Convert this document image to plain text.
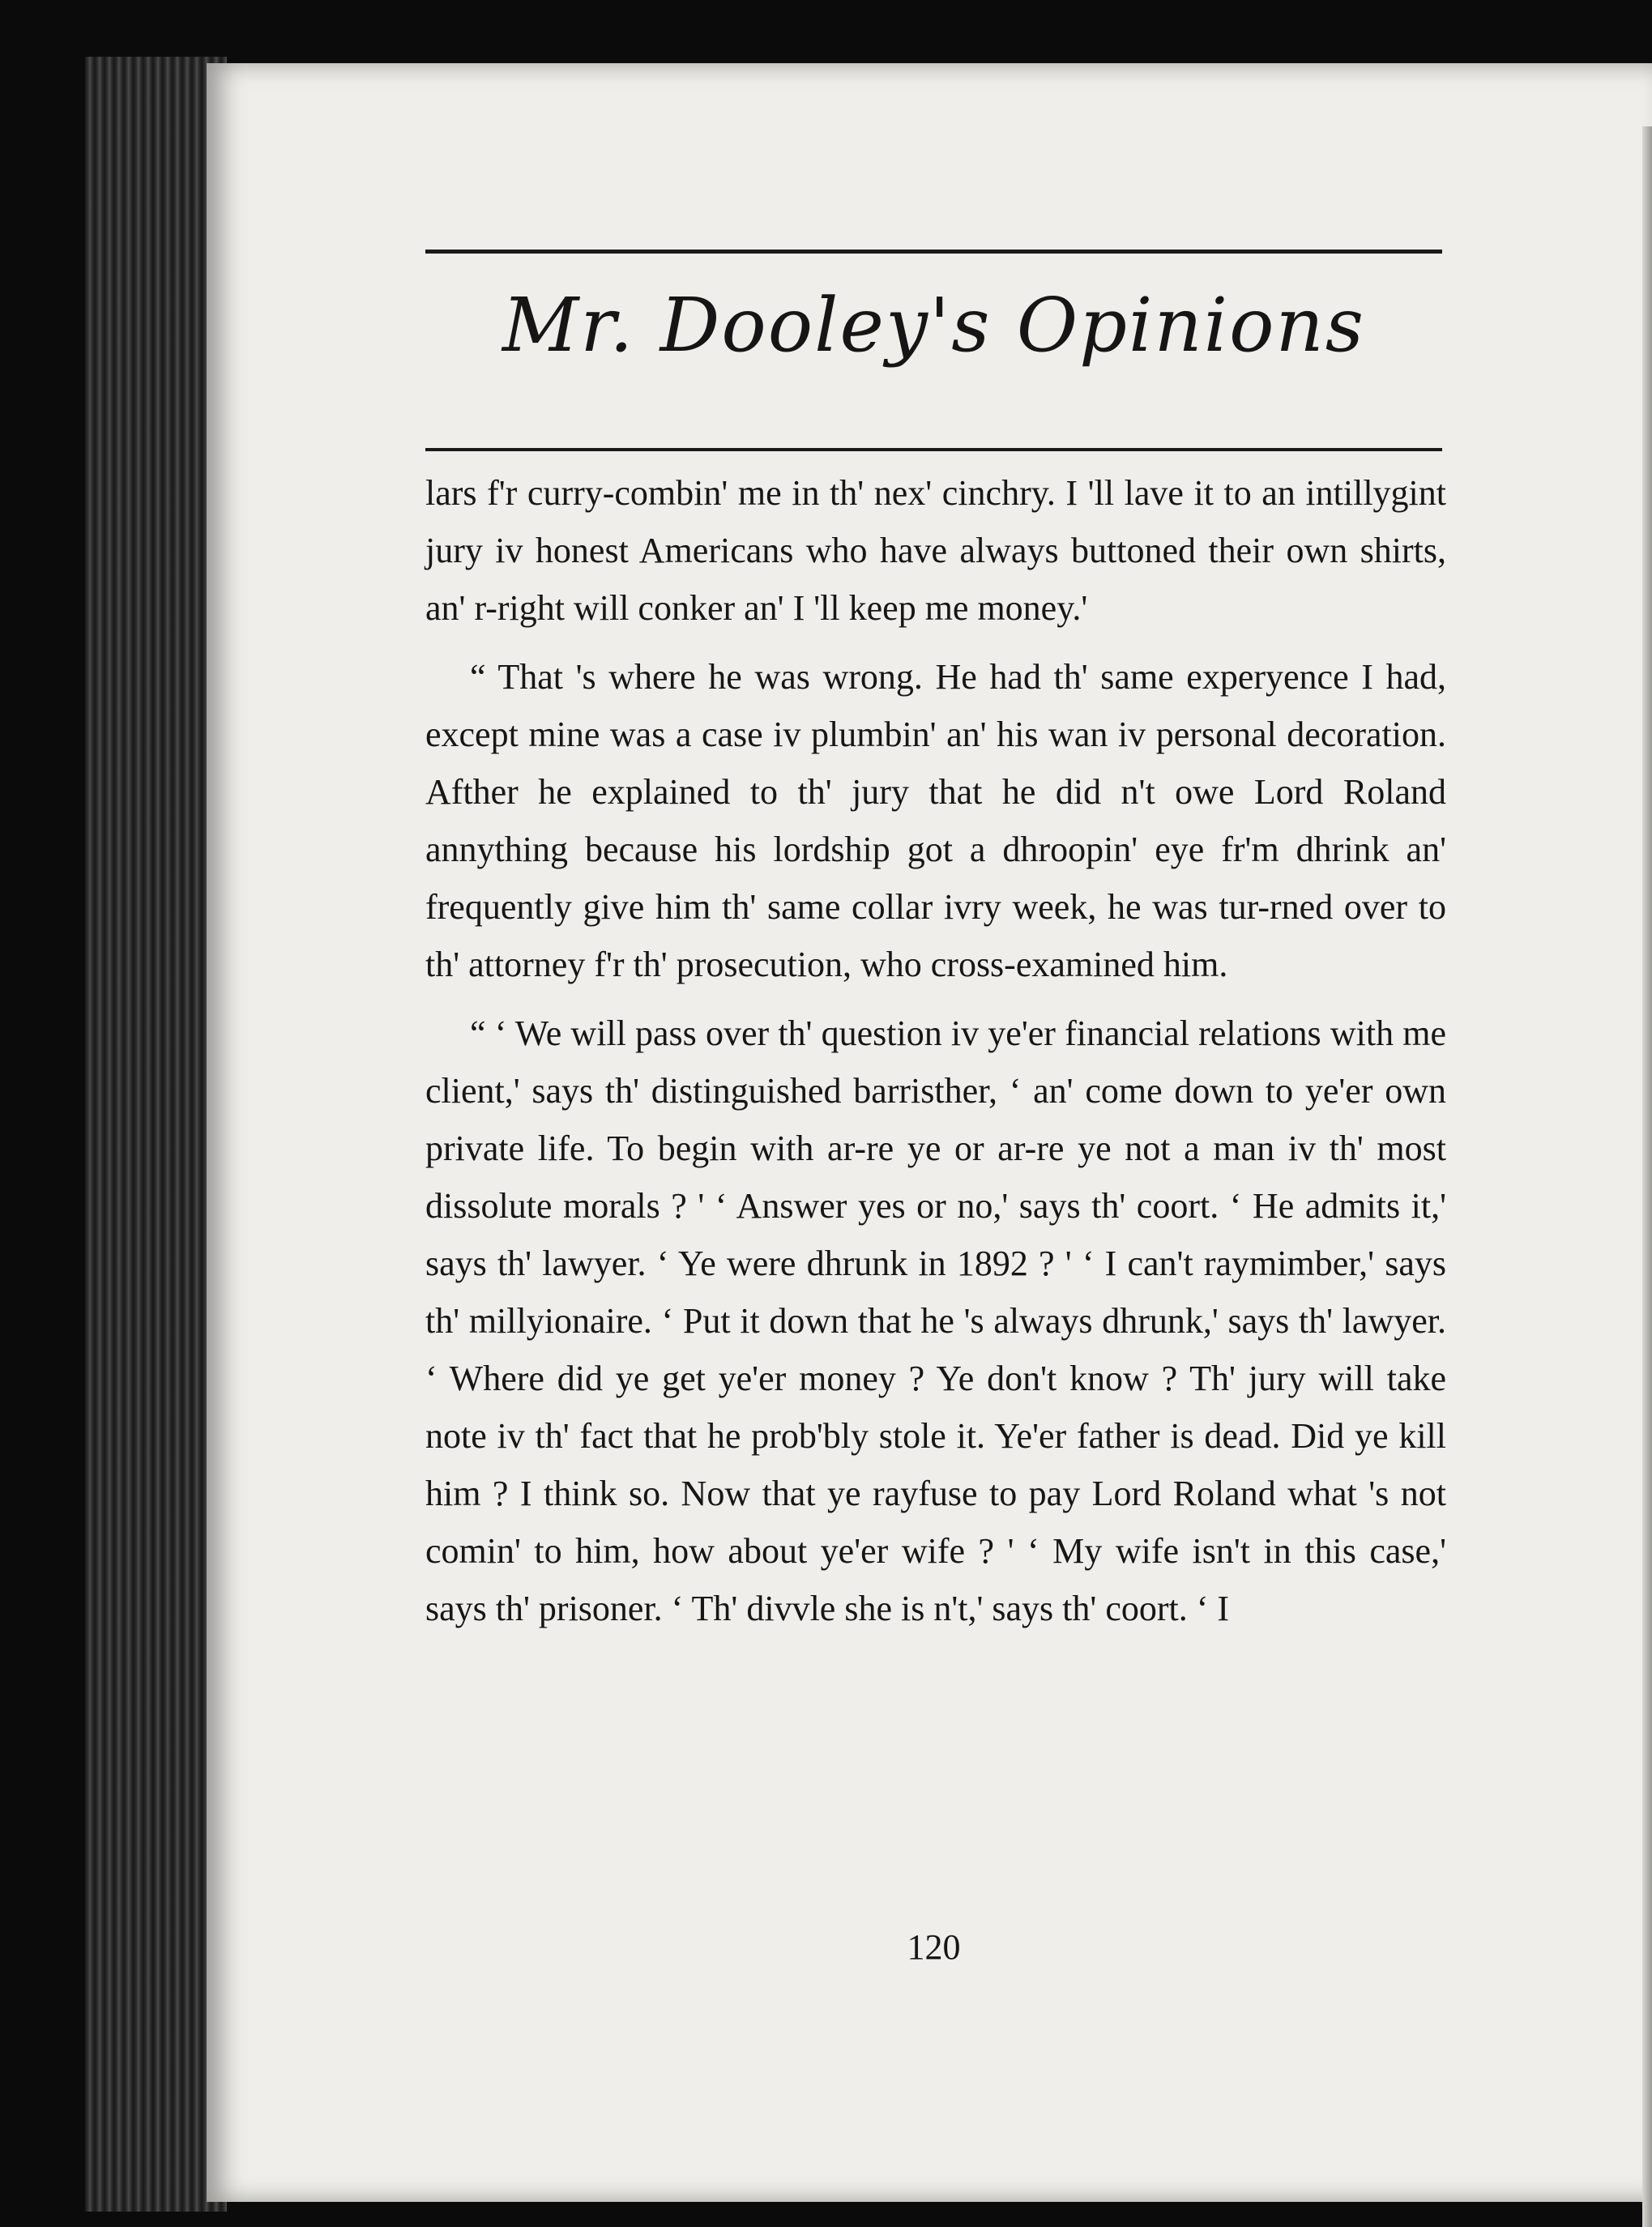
Mr. Dooley's Opinions

lars f'r curry-combin' me in th' nex' cinchry. I 'll lave it to an intillygint jury iv honest Americans who have always buttoned their own shirts, an' r-right will conker an' I 'll keep me money.'

“ That 's where he was wrong. He had th' same experyence I had, except mine was a case iv plumbin' an' his wan iv personal decoration. Afther he explained to th' jury that he did n't owe Lord Roland annything because his lordship got a dhroopin' eye fr'm dhrink an' frequently give him th' same collar ivry week, he was tur-rned over to th' attorney f'r th' prosecution, who cross-examined him.

“ ‘ We will pass over th' question iv ye'er financial relations with me client,' says th' distinguished barristher, ‘ an' come down to ye'er own private life. To begin with ar-re ye or ar-re ye not a man iv th' most dissolute morals ? ' ‘ Answer yes or no,' says th' coort. ‘ He admits it,' says th' lawyer. ‘ Ye were dhrunk in 1892 ? ' ‘ I can't raymimber,' says th' millyionaire. ‘ Put it down that he 's always dhrunk,' says th' lawyer. ‘ Where did ye get ye'er money ? Ye don't know ? Th' jury will take note iv th' fact that he prob'bly stole it. Ye'er father is dead. Did ye kill him ? I think so. Now that ye rayfuse to pay Lord Roland what 's not comin' to him, how about ye'er wife ? ' ‘ My wife isn't in this case,' says th' prisoner. ‘ Th' divvle she is n't,' says th' coort. ‘ I

120
